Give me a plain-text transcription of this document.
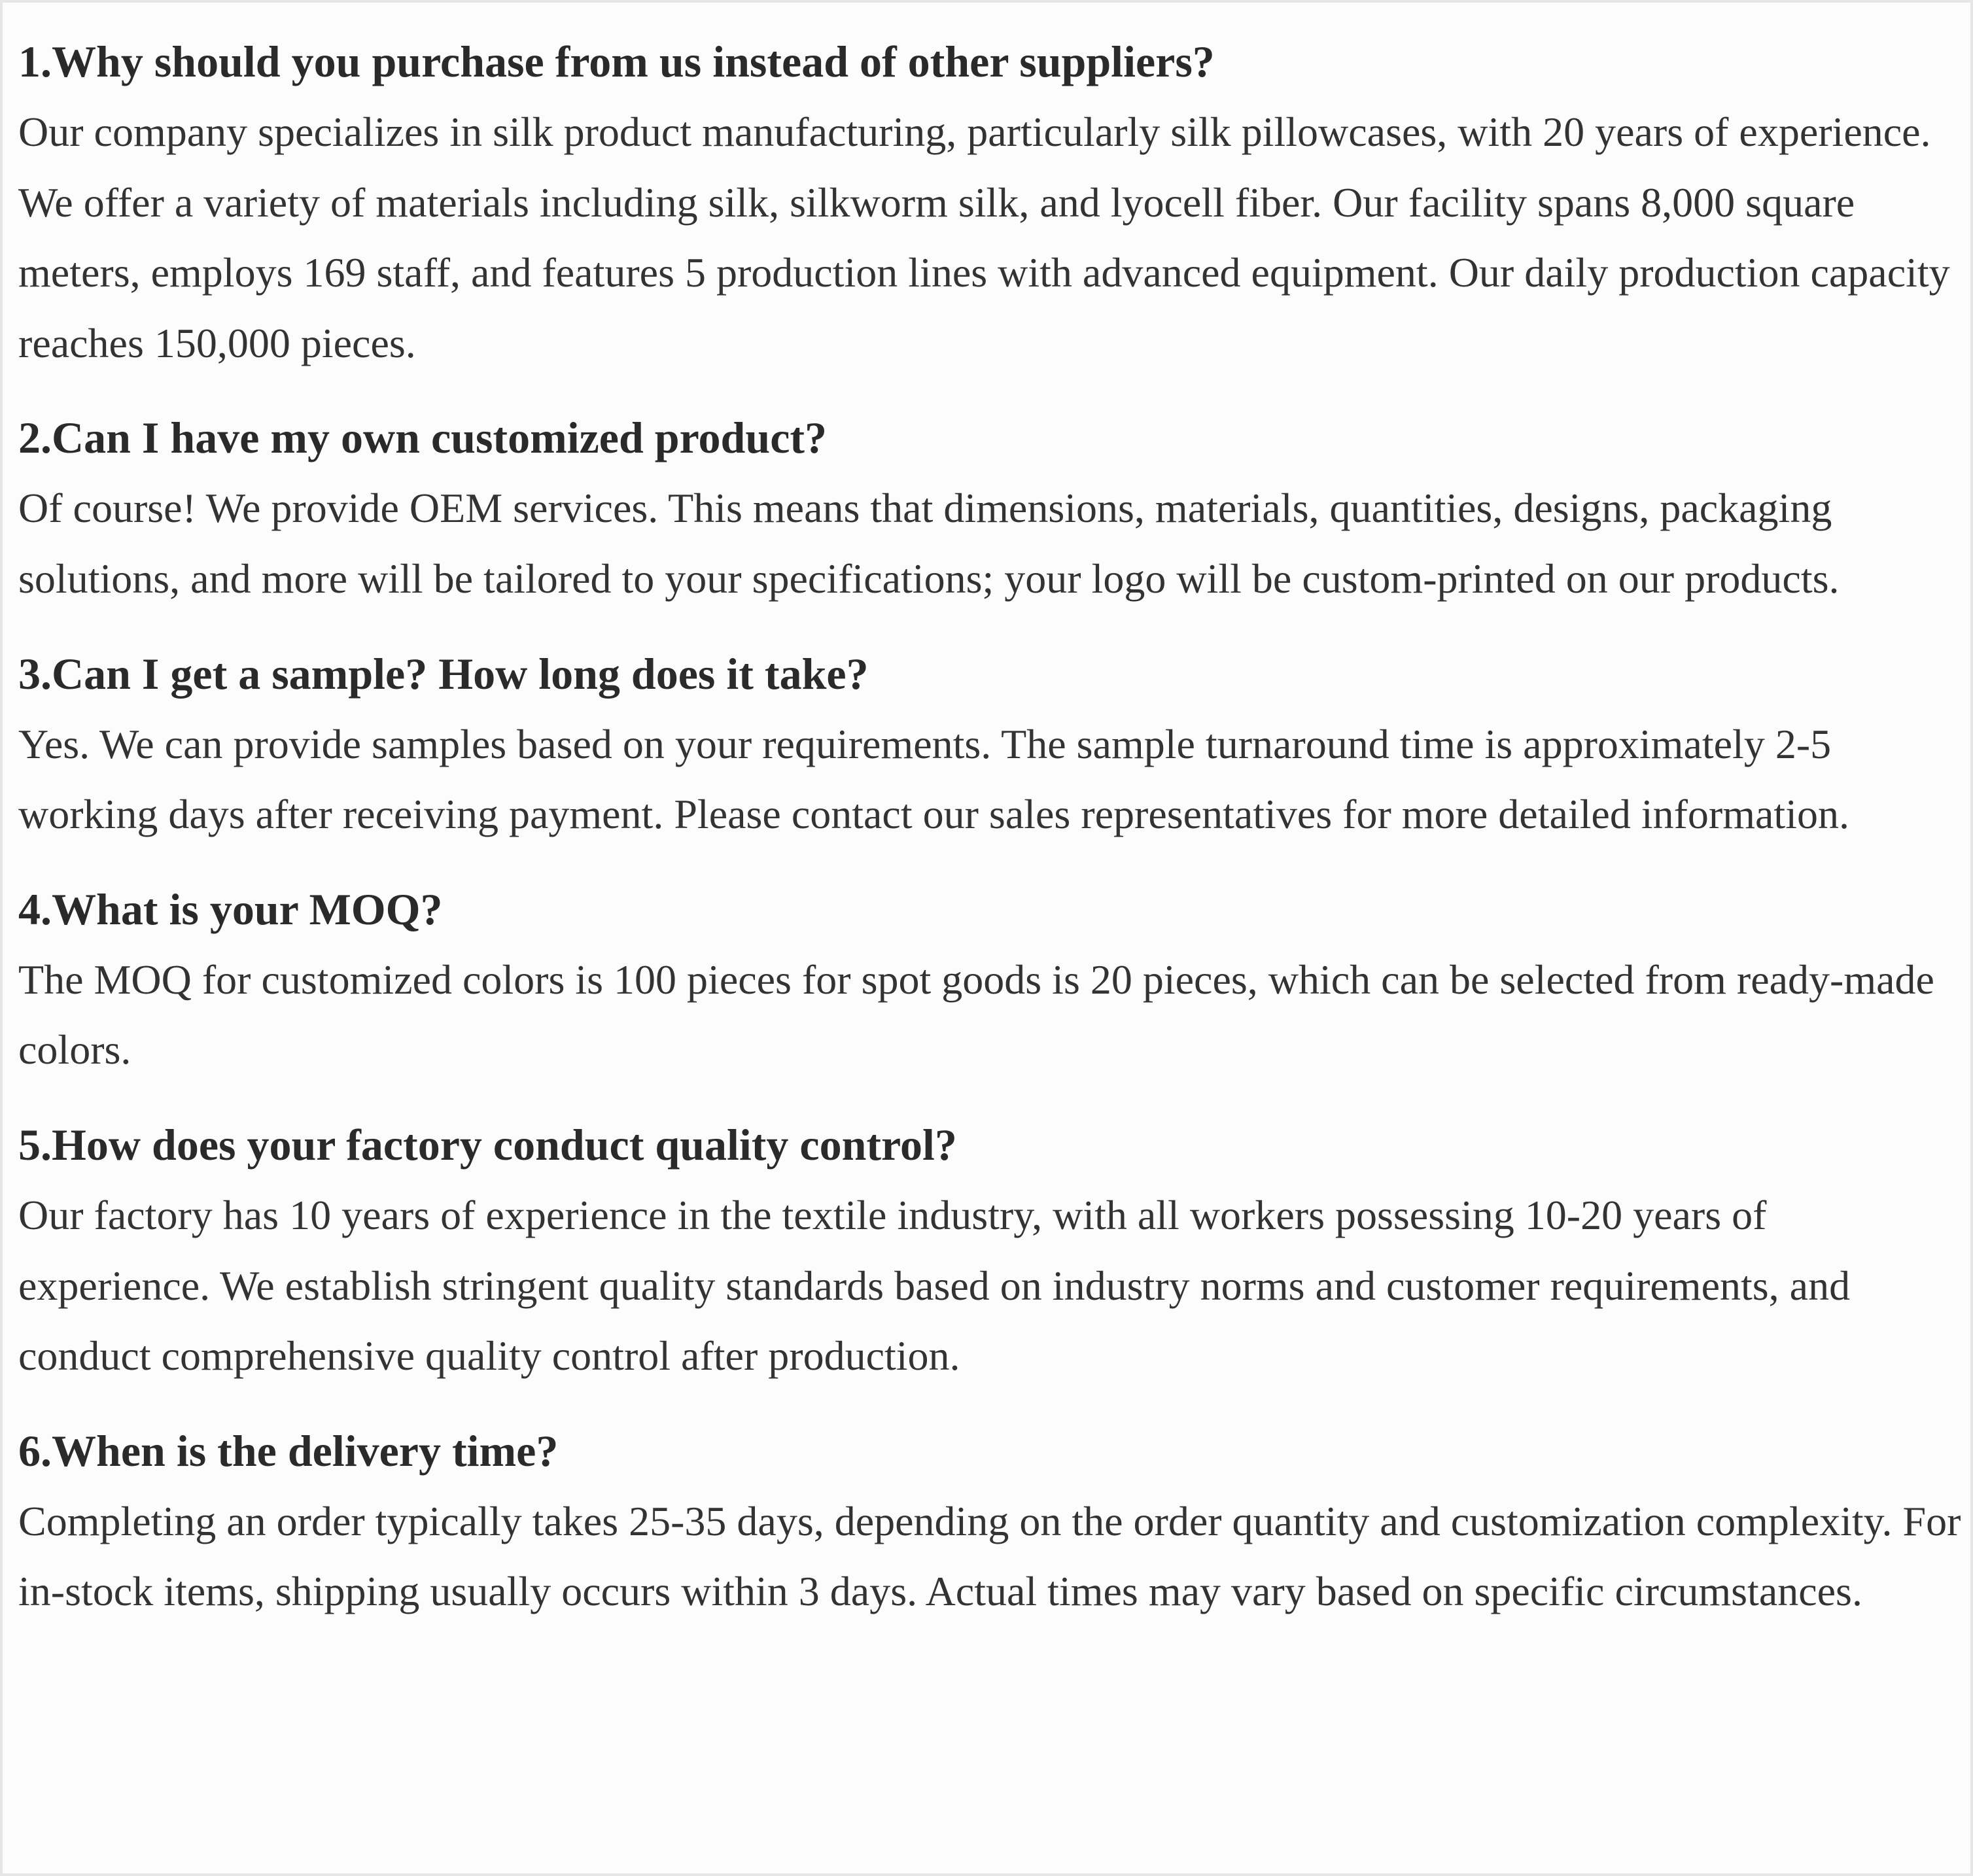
1.Why should you purchase from us instead of other suppliers?

Our company specializes in silk product manufacturing, particularly silk pillowcases, with 20 years of experience. We offer a variety of materials including silk, silkworm silk, and lyocell fiber. Our facility spans 8,000 square meters, employs 169 staff, and features 5 production lines with advanced equipment. Our daily production capacity reaches 150,000 pieces.

2.Can I have my own customized product?

Of course! We provide OEM services. This means that dimensions, materials, quantities, designs, packaging solutions, and more will be tailored to your specifications; your logo will be custom-printed on our products.

3.Can I get a sample? How long does it take?

Yes. We can provide samples based on your requirements. The sample turnaround time is approximately 2-5 working days after receiving payment. Please contact our sales representatives for more detailed information.

4.What is your MOQ?

The MOQ for customized colors is 100 pieces for spot goods is 20 pieces, which can be selected from ready-made colors.

5.How does your factory conduct quality control?

Our factory has 10 years of experience in the textile industry, with all workers possessing 10-20 years of experience. We establish stringent quality standards based on industry norms and customer requirements, and conduct comprehensive quality control after production.

6.When is the delivery time?

Completing an order typically takes 25-35 days, depending on the order quantity and customization complexity. For in-stock items, shipping usually occurs within 3 days. Actual times may vary based on specific circumstances.
